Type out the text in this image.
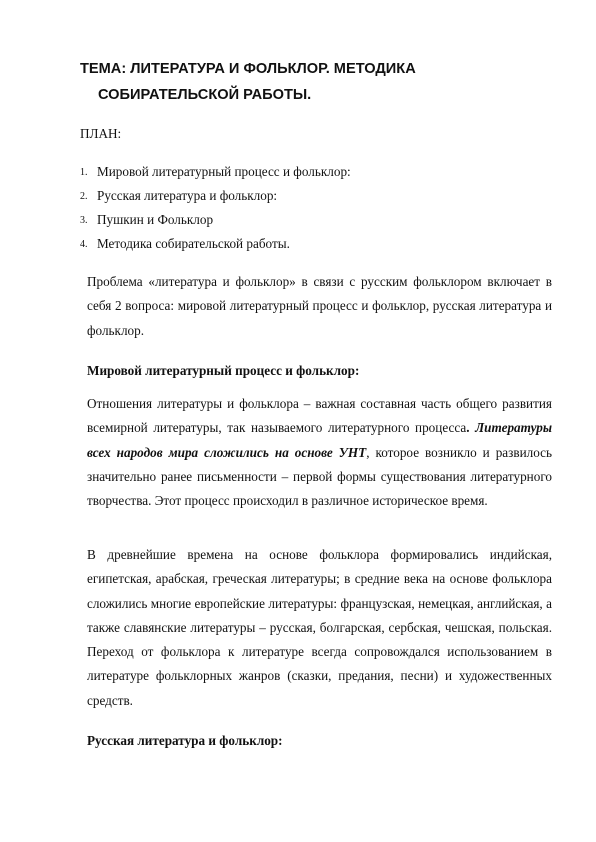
ТЕМА: ЛИТЕРАТУРА И ФОЛЬКЛОР. МЕТОДИКА
СОБИРАТЕЛЬСКОЙ РАБОТЫ.

ПЛАН:

1. Мировой литературный процесс и фольклор:
2. Русская литература и фольклор:
3. Пушкин и Фольклор
4. Методика собирательской работы.

Проблема «литература и фольклор» в связи с русским фольклором включает в себя 2 вопроса: мировой литературный процесс и фольклор, русская литература и фольклор.

Мировой литературный процесс и фольклор:

Отношения литературы и фольклора – важная составная часть общего развития всемирной литературы, так называемого литературного процесса. Литературы всех народов мира сложились на основе УНТ, которое возникло и развилось значительно ранее письменности – первой формы существования литературного творчества. Этот процесс происходил в различное историческое время.

В древнейшие времена на основе фольклора формировались индийская, египетская, арабская, греческая литературы; в средние века на основе фольклора сложились многие европейские литературы: французская, немецкая, английская, а также славянские литературы – русская, болгарская, сербская, чешская, польская. Переход от фольклора к литературе всегда сопровождался использованием в литературе фольклорных жанров (сказки, предания, песни) и художественных средств.

Русская литература и фольклор:
